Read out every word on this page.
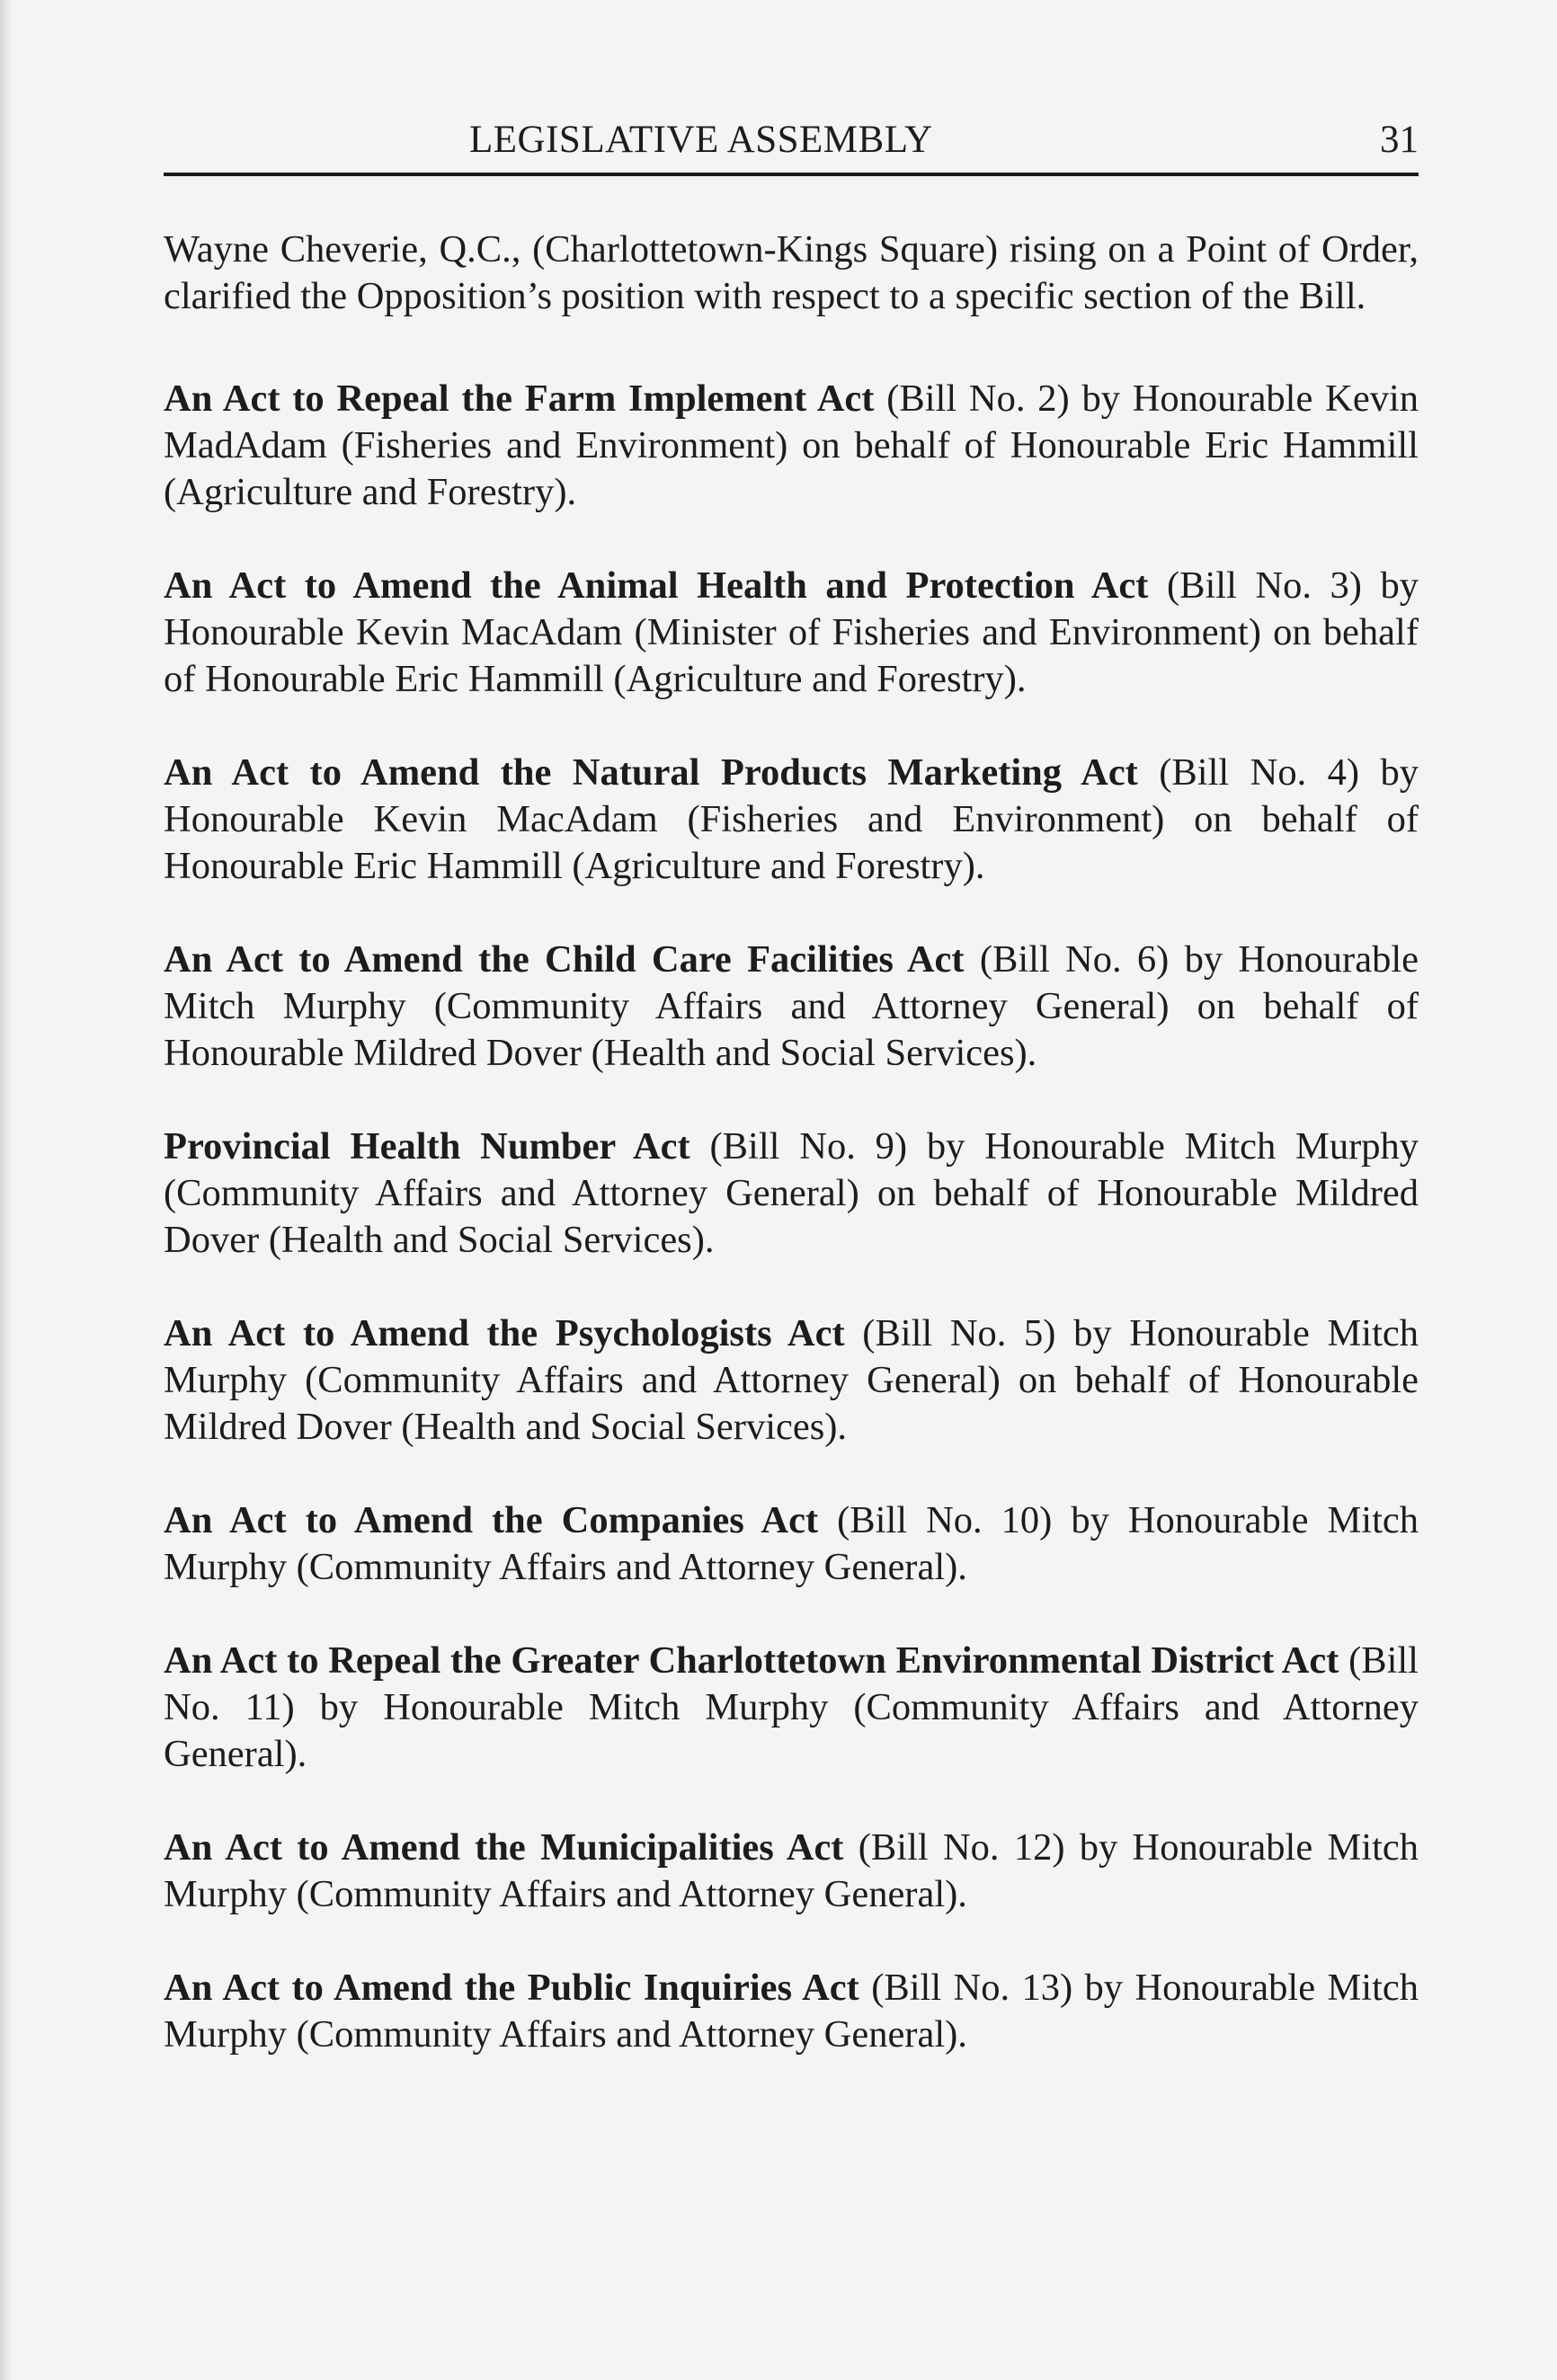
LEGISLATIVE ASSEMBLY	31

Wayne Cheverie, Q.C., (Charlottetown-Kings Square) rising on a Point of Order, clarified the Opposition’s position with respect to a specific section of the Bill.

An Act to Repeal the Farm Implement Act (Bill No. 2) by Honourable Kevin MadAdam (Fisheries and Environment) on behalf of Honourable Eric Hammill (Agriculture and Forestry).

An Act to Amend the Animal Health and Protection Act (Bill No. 3) by Honourable Kevin MacAdam (Minister of Fisheries and Environment) on behalf of Honourable Eric Hammill (Agriculture and Forestry).

An Act to Amend the Natural Products Marketing Act (Bill No. 4) by Honourable Kevin MacAdam (Fisheries and Environment) on behalf of Honourable Eric Hammill (Agriculture and Forestry).

An Act to Amend the Child Care Facilities Act (Bill No. 6) by Honourable Mitch Murphy (Community Affairs and Attorney General) on behalf of Honourable Mildred Dover (Health and Social Services).

Provincial Health Number Act (Bill No. 9) by Honourable Mitch Murphy (Community Affairs and Attorney General) on behalf of Honourable Mildred Dover (Health and Social Services).

An Act to Amend the Psychologists Act (Bill No. 5) by Honourable Mitch Murphy (Community Affairs and Attorney General) on behalf of Honourable Mildred Dover (Health and Social Services).

An Act to Amend the Companies Act (Bill No. 10) by Honourable Mitch Murphy (Community Affairs and Attorney General).

An Act to Repeal the Greater Charlottetown Environmental District Act (Bill No. 11) by Honourable Mitch Murphy (Community Affairs and Attorney General).

An Act to Amend the Municipalities Act (Bill No. 12) by Honourable Mitch Murphy (Community Affairs and Attorney General).

An Act to Amend the Public Inquiries Act (Bill No. 13) by Honourable Mitch Murphy (Community Affairs and Attorney General).
